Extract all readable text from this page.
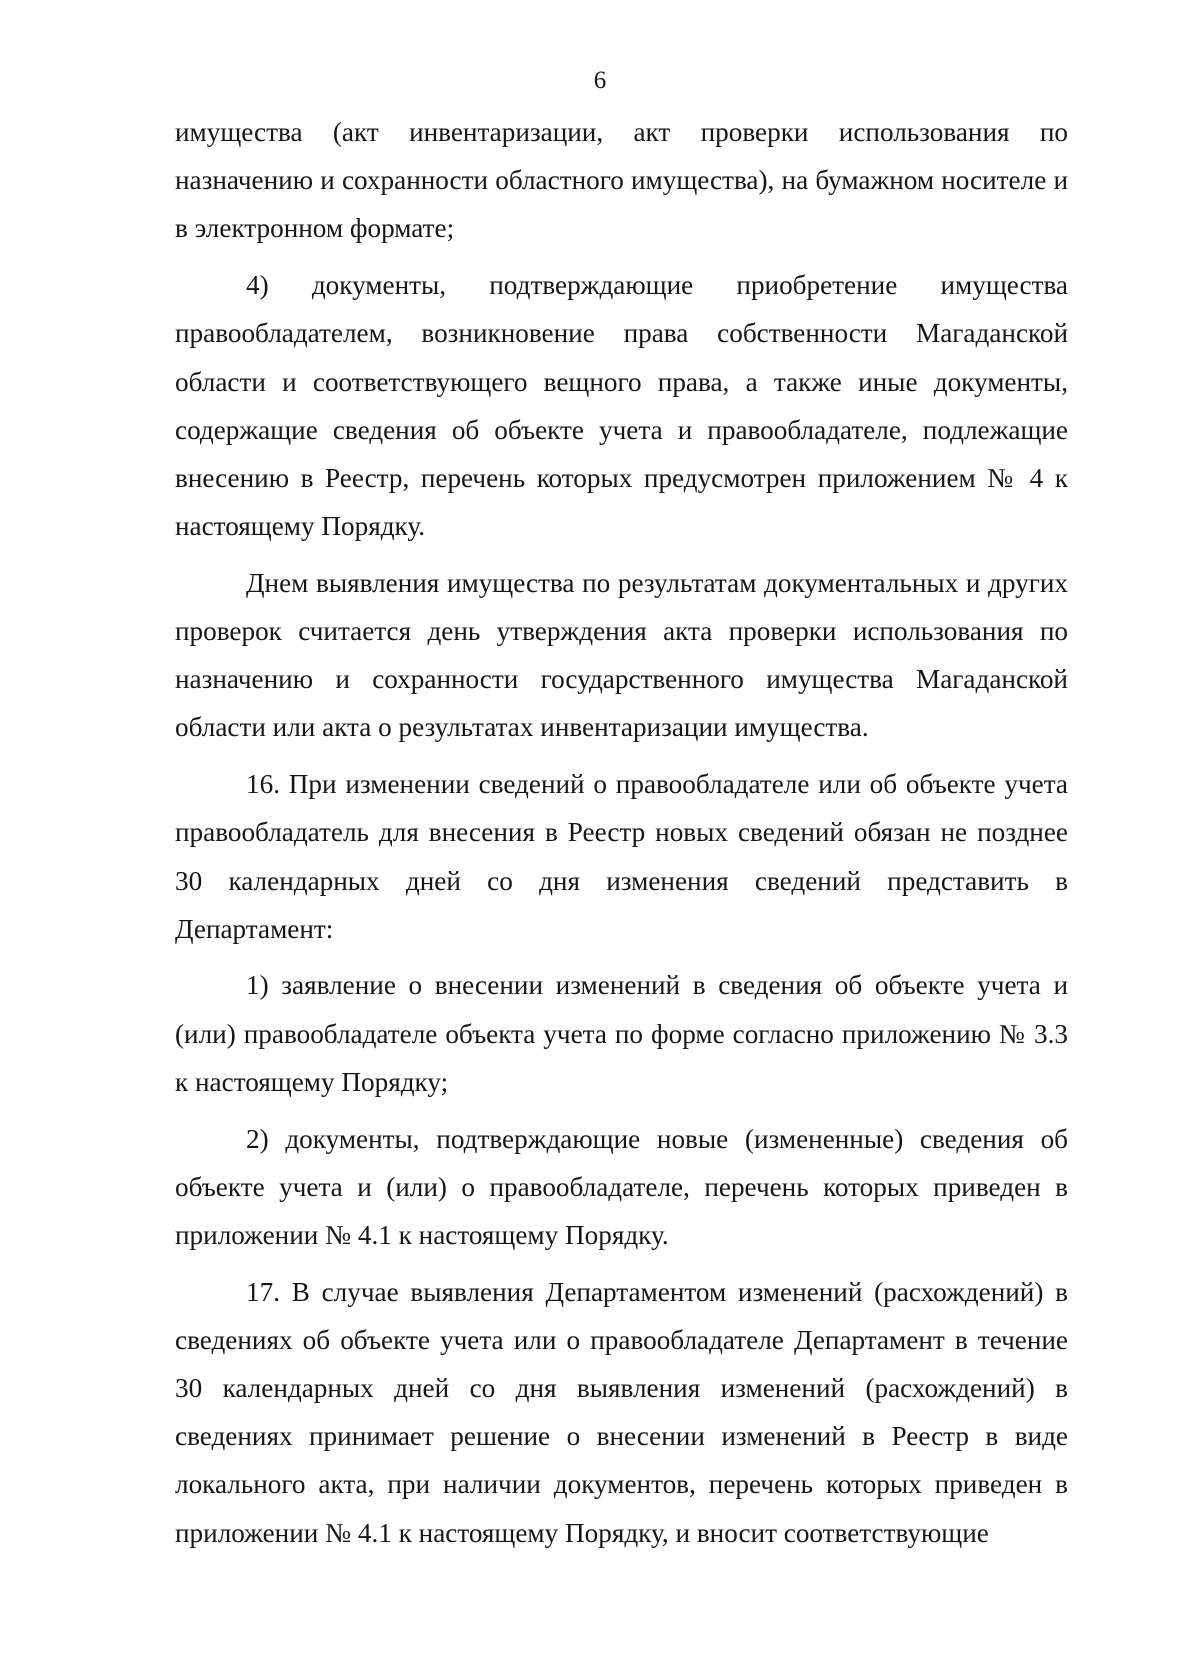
6

имущества (акт инвентаризации, акт проверки использования по назначению и сохранности областного имущества), на бумажном носителе и в электронном формате;

4) документы, подтверждающие приобретение имущества правообладателем, возникновение права собственности Магаданской области и соответствующего вещного права, а также иные документы, содержащие сведения об объекте учета и правообладателе, подлежащие внесению в Реестр, перечень которых предусмотрен приложением № 4 к настоящему Порядку.

Днем выявления имущества по результатам документальных и других проверок считается день утверждения акта проверки использования по назначению и сохранности государственного имущества Магаданской области или акта о результатах инвентаризации имущества.

16. При изменении сведений о правообладателе или об объекте учета правообладатель для внесения в Реестр новых сведений обязан не позднее 30 календарных дней со дня изменения сведений представить в Департамент:

1) заявление о внесении изменений в сведения об объекте учета и (или) правообладателе объекта учета по форме согласно приложению № 3.3 к настоящему Порядку;

2) документы, подтверждающие новые (измененные) сведения об объекте учета и (или) о правообладателе, перечень которых приведен в приложении № 4.1 к настоящему Порядку.

17. В случае выявления Департаментом изменений (расхождений) в сведениях об объекте учета или о правообладателе Департамент в течение 30 календарных дней со дня выявления изменений (расхождений) в сведениях принимает решение о внесении изменений в Реестр в виде локального акта, при наличии документов, перечень которых приведен в приложении № 4.1 к настоящему Порядку, и вносит соответствующие
